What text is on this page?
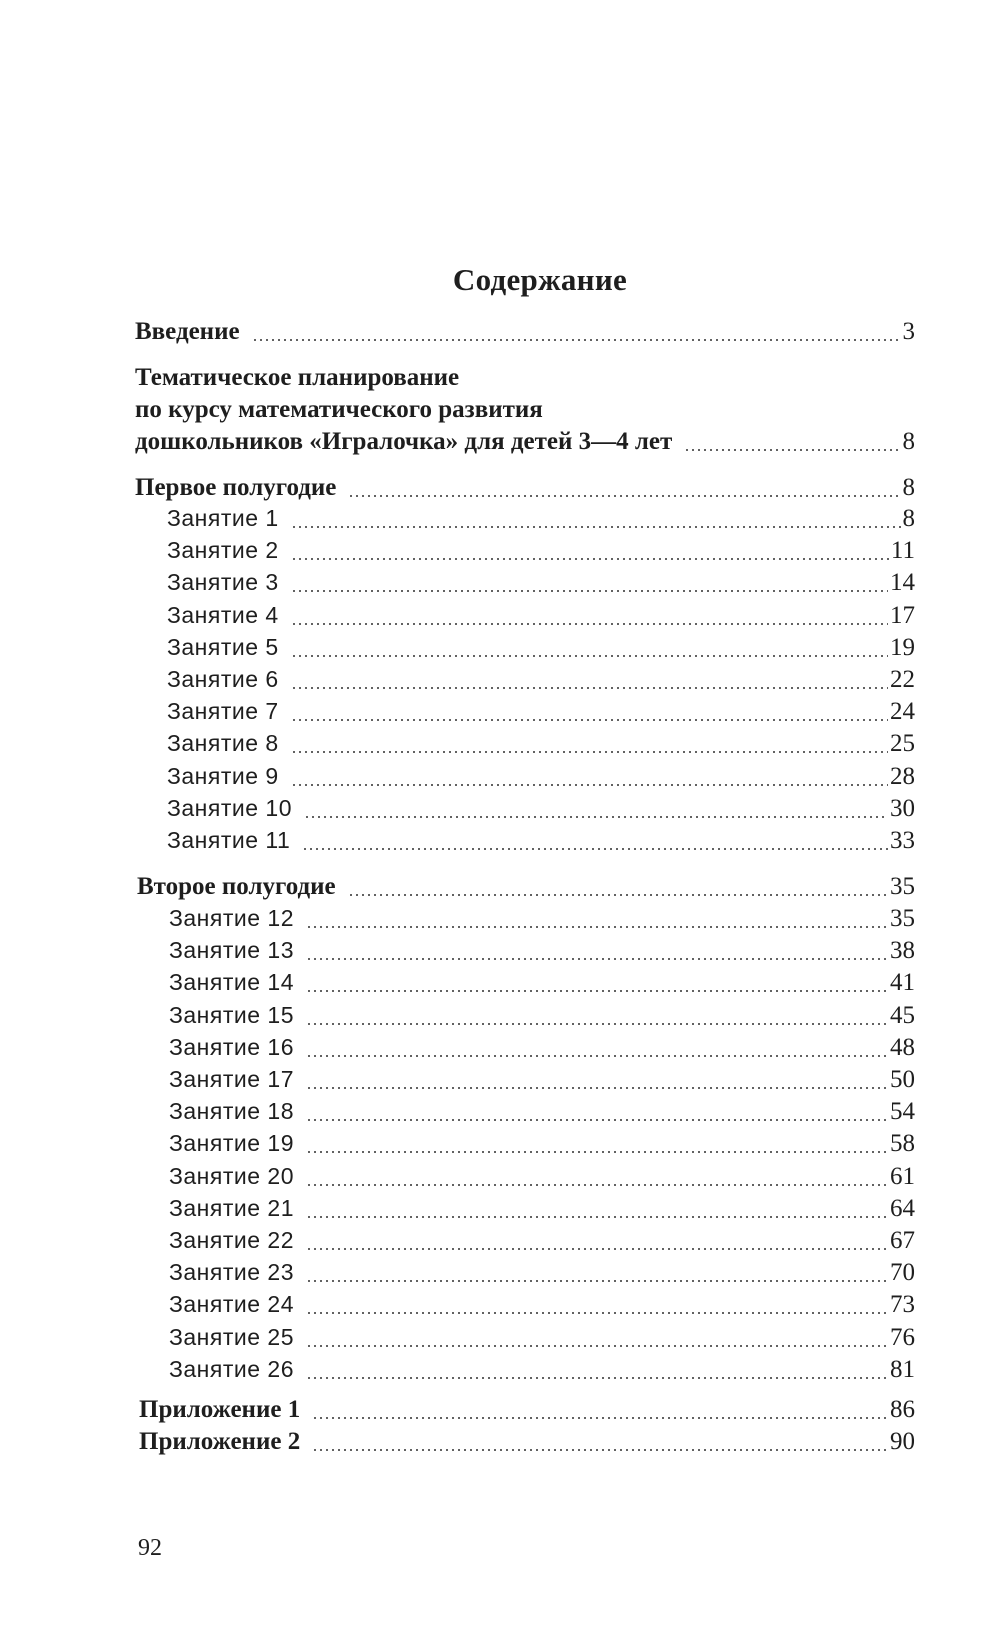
Содержание
Введение	3
Тематическое планирование
по курсу математического развития
дошкольников «Игралочка» для детей 3—4 лет	8
Первое полугодие	8
Занятие 1	8
Занятие 2	11
Занятие 3	14
Занятие 4	17
Занятие 5	19
Занятие 6	22
Занятие 7	24
Занятие 8	25
Занятие 9	28
Занятие 10	30
Занятие 11	33
Второе полугодие	35
Занятие 12	35
Занятие 13	38
Занятие 14	41
Занятие 15	45
Занятие 16	48
Занятие 17	50
Занятие 18	54
Занятие 19	58
Занятие 20	61
Занятие 21	64
Занятие 22	67
Занятие 23	70
Занятие 24	73
Занятие 25	76
Занятие 26	81
Приложение 1	86
Приложение 2	90
92
